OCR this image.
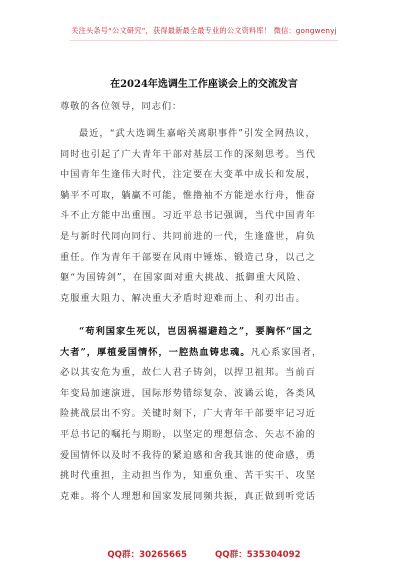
关注头条号“公文研究”，获得最新最全最专业的公文资料库！ 微信：gongwenyj
在2024年选调生工作座谈会上的交流发言
尊敬的各位领导，同志们：
最近，“武大选调生嘉峪关离职事件”引发全网热议，
同时也引起了广大青年干部对基层工作的深刻思考。当代
中国青年生逢伟大时代，注定要在大变革中成长和发展，
躺平不可取，躺赢不可能，惟撸袖不方能逆水行舟，惟奋
斗不止方能中出重围。习近平总书记强调，当代中国青年
是与新时代同向同行、共同前进的一代，生逢盛世，肩负
重任。作为青年干部要在风雨中锤炼、锻造己身，以己之
躯“为国铸剑”，在国家面对重大挑战、抵御重大风险、
克服重大阻力、解决重大矛盾时迎难而上、利刃出击。
“苟利国家生死以，岂因祸福避趋之”，要胸怀“国之
大者”，厚植爱国情怀，一腔热血铸忠魂。凡心系家国者，
必以其安危为重，故仁人君子铸剑，以捍卫祖邦。当前百
年变局加速演进，国际形势错综复杂、波谲云诡，各类风
险挑战层出不穷。关键时刻下，广大青年干部要牢记习近
平总书记的嘱托与期盼，以坚定的理想信念、矢志不渝的
爱国情怀以及时不我待的紧迫感和舍我其谁的使命感，勇
挑时代重担，主动担当作为，知重负重、苦干实干、攻坚
克难。将个人理想和国家发展同频共振，真正做到听党话
QQ群：30265665	QQ群：535304092
